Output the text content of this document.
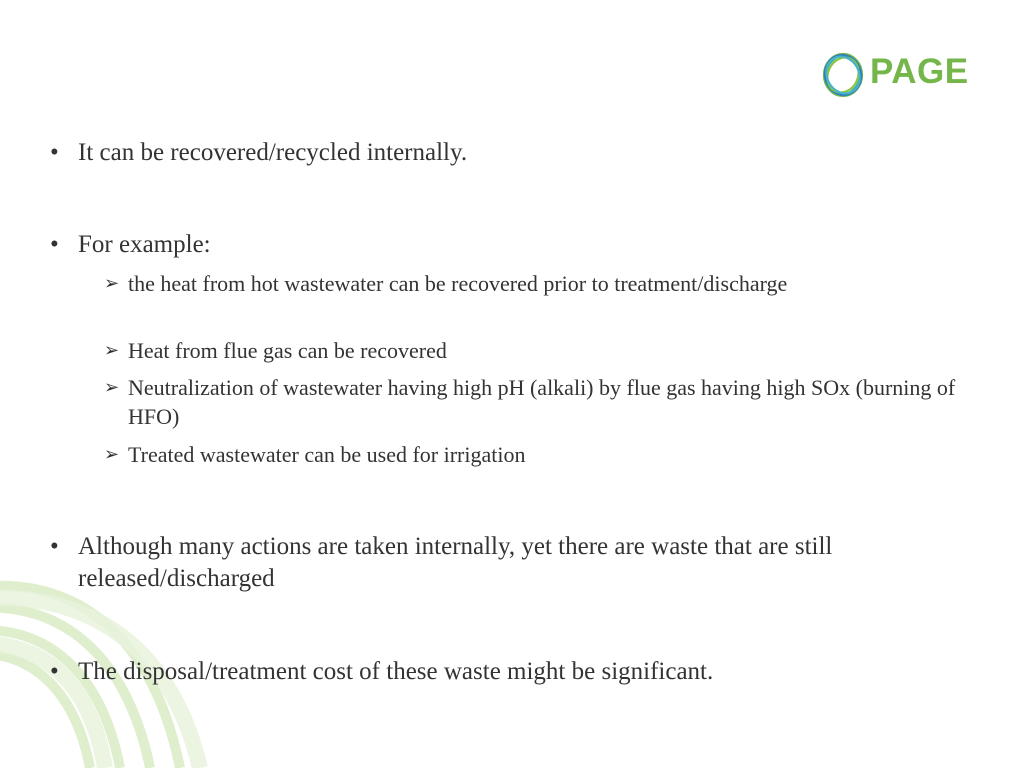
PAGE
• It can be recovered/recycled internally.
• For example:
➢ the heat from hot wastewater can be recovered prior to treatment/discharge
➢ Heat from flue gas can be recovered
➢ Neutralization of wastewater having high pH (alkali) by flue gas having high SOx (burning of HFO)
➢ Treated wastewater can be used for irrigation
• Although many actions are taken internally, yet there are waste that are still released/discharged
• The disposal/treatment cost of these waste might be significant.
